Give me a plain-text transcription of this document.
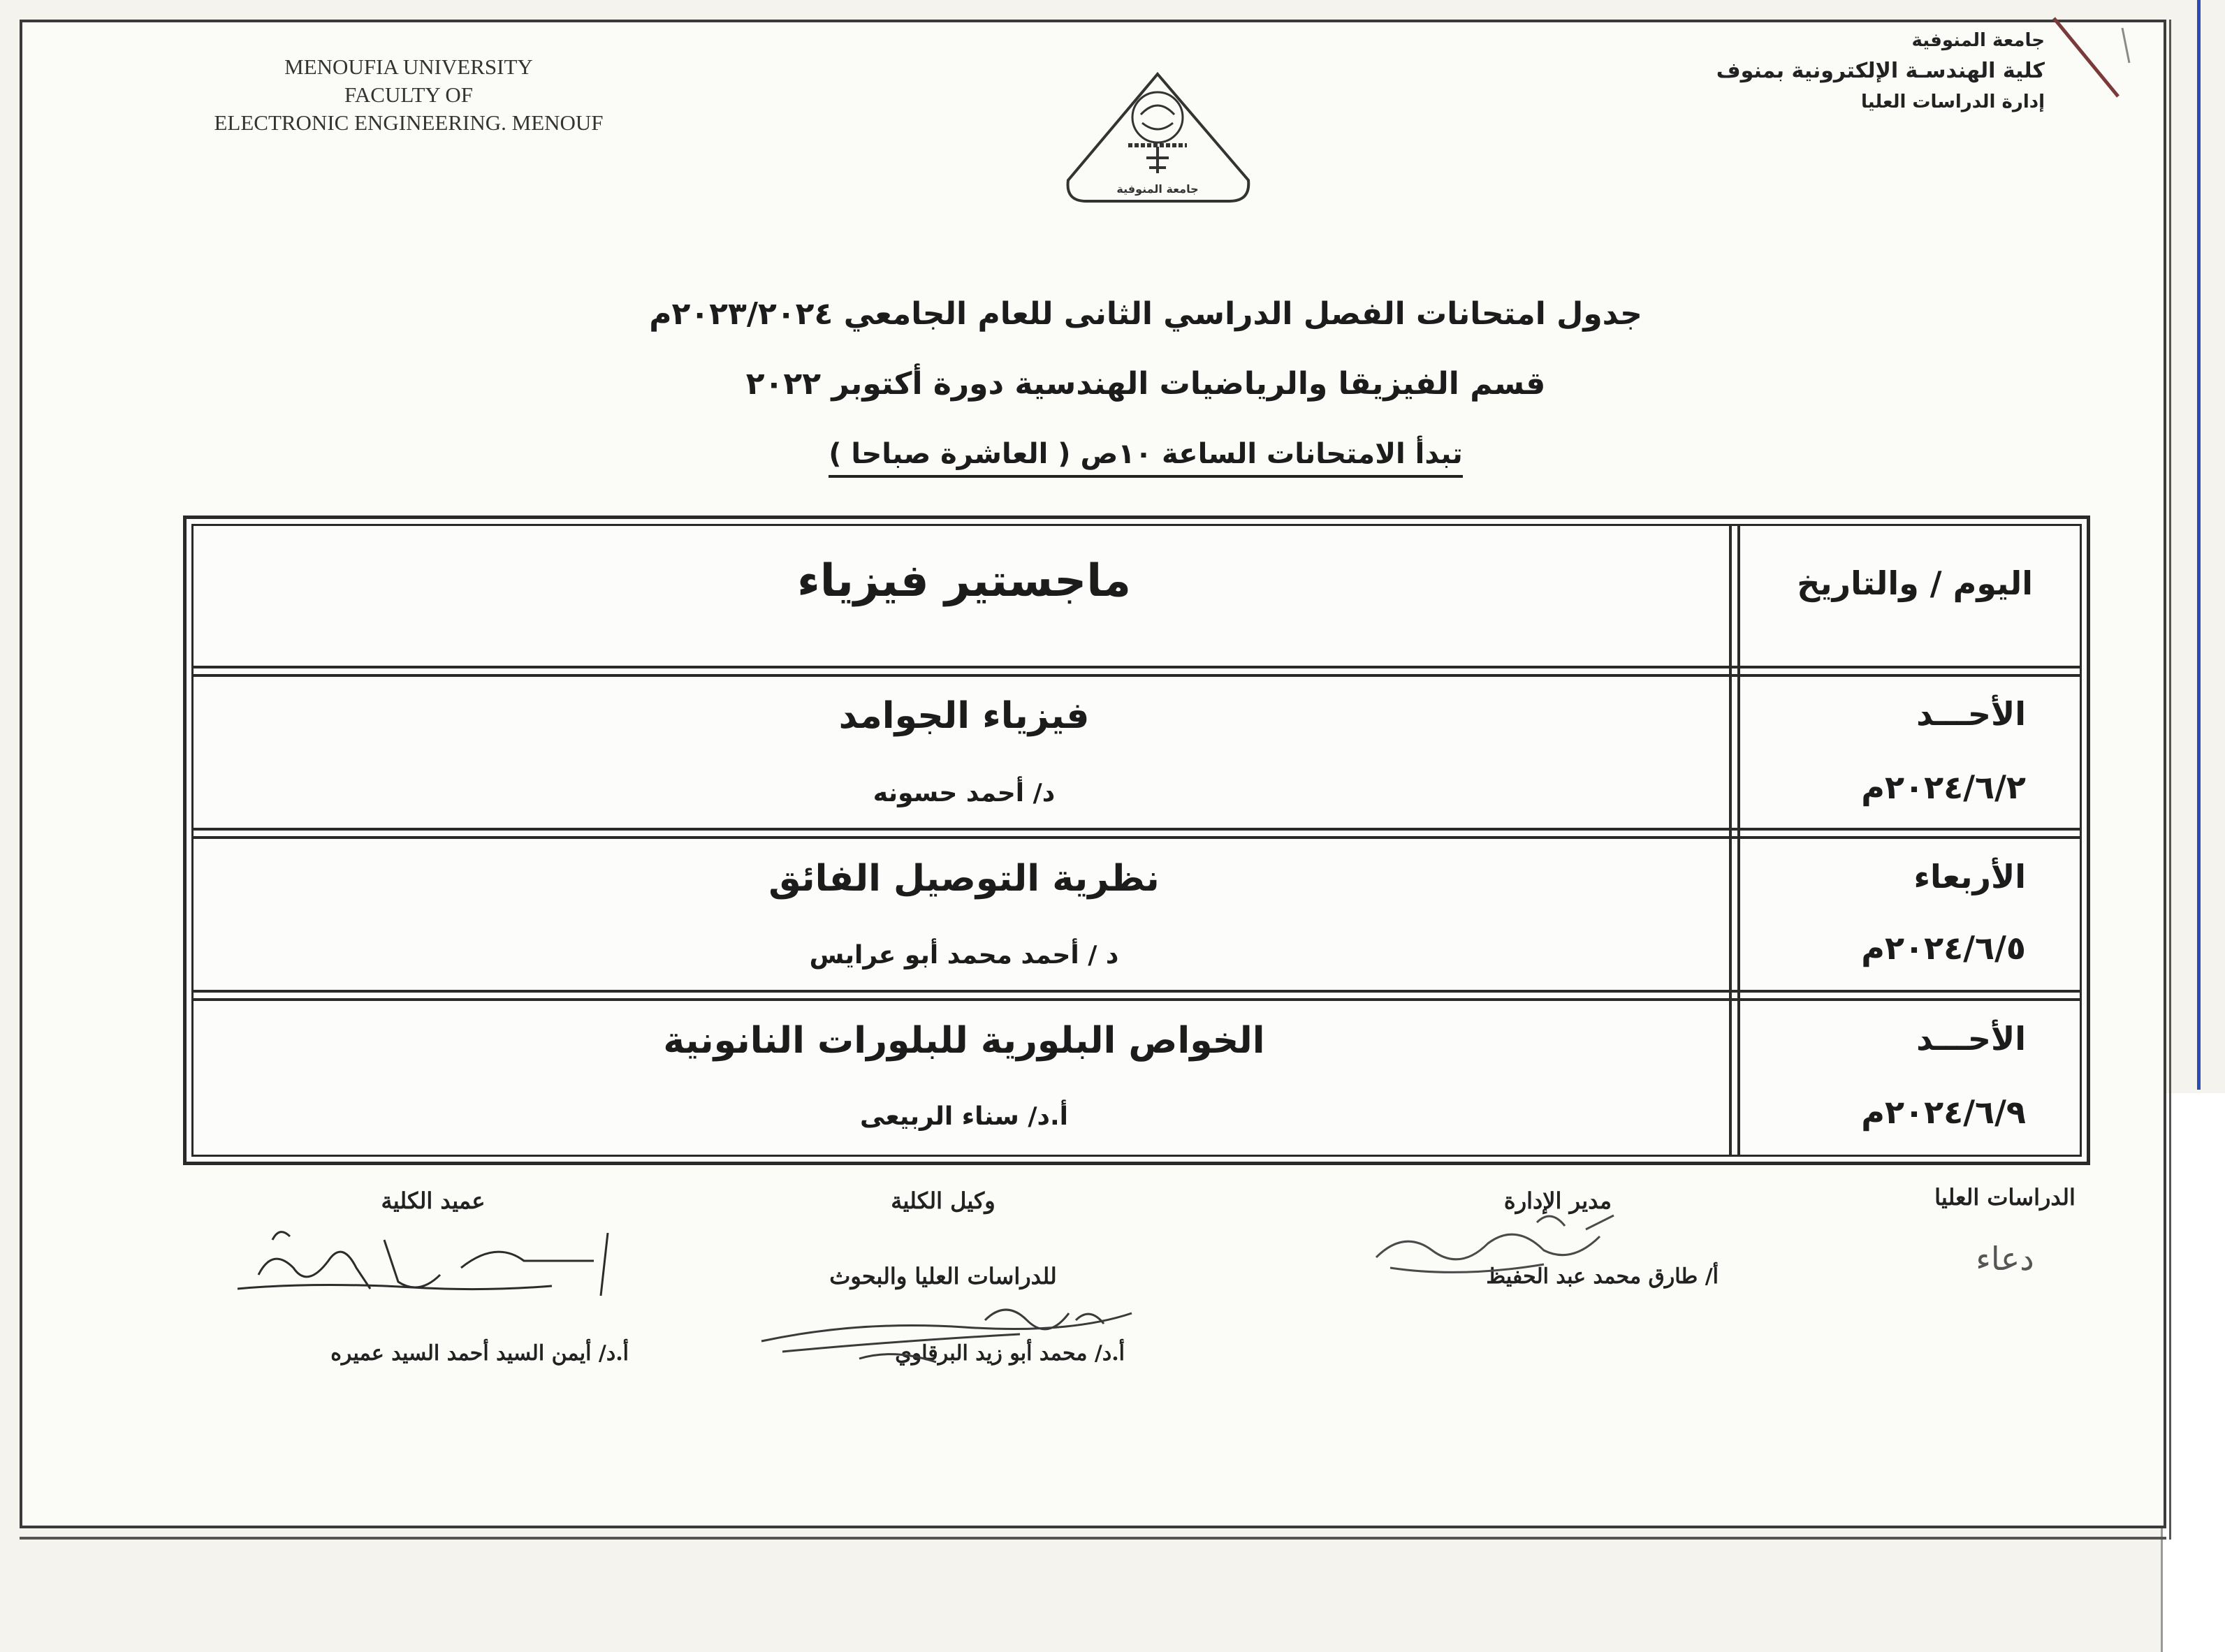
MENOUFIA UNIVERSITY
FACULTY OF
ELECTRONIC ENGINEERING. MENOUF
جامعة المنوفية
كلية الهندسـة الإلكترونية بمنوف
إدارة الدراسات العليا
جامعة المنوفية
جدول امتحانات الفصل الدراسي الثانى للعام الجامعي ٢٠٢٣/٢٠٢٤م
قسم الفيزيقا والرياضيات الهندسية دورة أكتوبر ٢٠٢٢
تبدأ الامتحانات الساعة ١٠ص ( العاشرة صباحا )
اليوم / والتاريخ
ماجستير فيزياء
الأحـــد
٢٠٢٤/٦/٢م
فيزياء الجوامد
د/ أحمد حسونه
الأربعاء
٢٠٢٤/٦/٥م
نظرية التوصيل الفائق
د / أحمد محمد أبو عرايس
الأحـــد
٢٠٢٤/٦/٩م
الخواص البلورية للبلورات النانونية
أ.د/ سناء الربيعى
الدراسات العليا
دعاء
مدير الإدارة
أ/ طارق محمد عبد الحفيظ
وكيل الكلية
للدراسات العليا والبحوث
أ.د/ محمد أبو زيد البرقاوي
عميد الكلية
أ.د/ أيمن السيد أحمد السيد عميره
